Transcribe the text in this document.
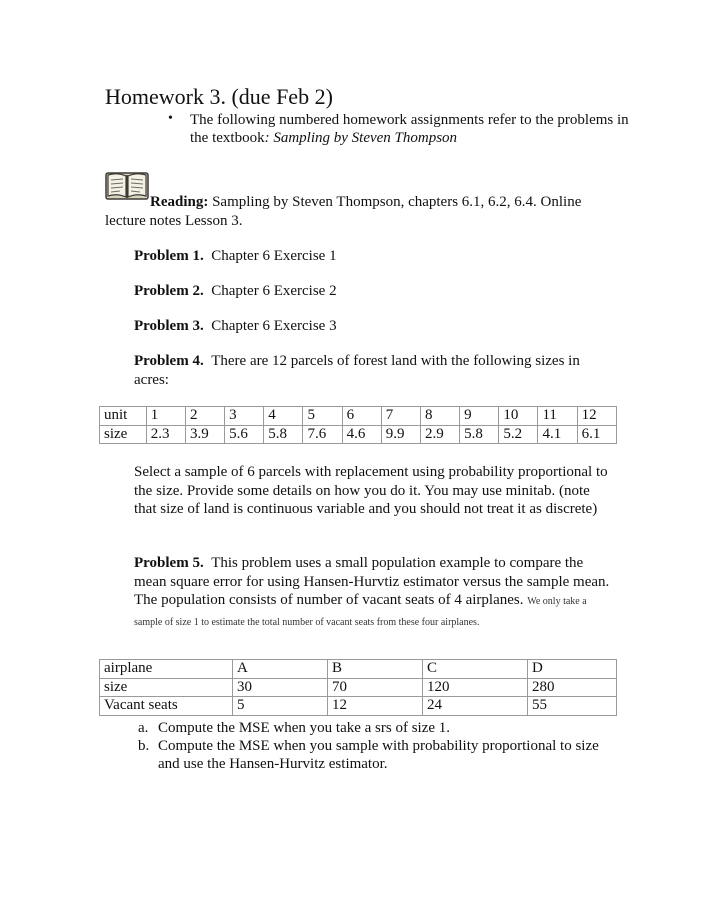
Homework 3. (due Feb 2)
• The following numbered homework assignments refer to the problems in the textbook: Sampling by Steven Thompson
Reading: Sampling by Steven Thompson, chapters 6.1, 6.2, 6.4. Online lecture notes Lesson 3.
Problem 1. Chapter 6 Exercise 1
Problem 2. Chapter 6 Exercise 2
Problem 3. Chapter 6 Exercise 3
Problem 4. There are 12 parcels of forest land with the following sizes in acres:
unit	1	2	3	4	5	6	7	8	9	10	11	12
size	2.3	3.9	5.6	5.8	7.6	4.6	9.9	2.9	5.8	5.2	4.1	6.1
Select a sample of 6 parcels with replacement using probability proportional to the size. Provide some details on how you do it. You may use minitab. (note that size of land is continuous variable and you should not treat it as discrete)
Problem 5. This problem uses a small population example to compare the mean square error for using Hansen-Hurvtiz estimator versus the sample mean. The population consists of number of vacant seats of 4 airplanes. We only take a sample of size 1 to estimate the total number of vacant seats from these four airplanes.
airplane	A	B	C	D
size	30	70	120	280
Vacant seats	5	12	24	55
a. Compute the MSE when you take a srs of size 1.
b. Compute the MSE when you sample with probability proportional to size and use the Hansen-Hurvitz estimator.
